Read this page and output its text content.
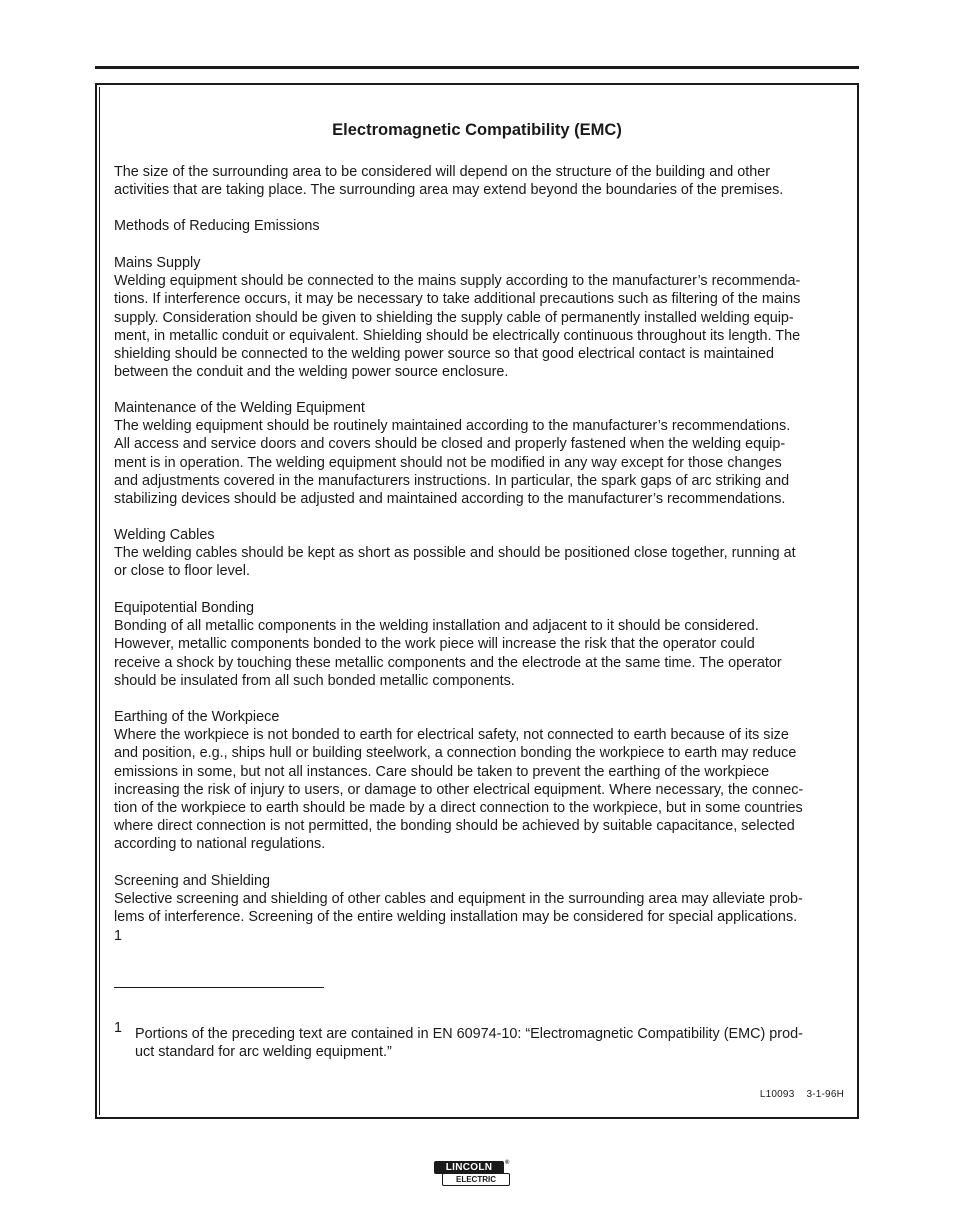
Electromagnetic Compatibility (EMC)

The size of the surrounding area to be considered will depend on the structure of the building and other

activities that are taking place. The surrounding area may extend beyond the boundaries of the premises.

Methods of Reducing Emissions

Mains Supply

Welding equipment should be connected to the mains supply according to the manufacturer’s recommenda-

tions. If interference occurs, it may be necessary to take additional precautions such as filtering of the mains

supply. Consideration should be given to shielding the supply cable of permanently installed welding equip-

ment, in metallic conduit or equivalent. Shielding should be electrically continuous throughout its length. The

shielding should be connected to the welding power source so that good electrical contact is maintained

between the conduit and the welding power source enclosure.

Maintenance of the Welding Equipment

The welding equipment should be routinely maintained according to the manufacturer’s recommendations.

All access and service doors and covers should be closed and properly fastened when the welding equip-

ment is in operation. The welding equipment should not be modified in any way except for those changes

and adjustments covered in the manufacturers instructions. In particular, the spark gaps of arc striking and

stabilizing devices should be adjusted and maintained according to the manufacturer’s recommendations.

Welding Cables

The welding cables should be kept as short as possible and should be positioned close together, running at

or close to floor level.

Equipotential Bonding

Bonding of all metallic components in the welding installation and adjacent to it should be considered.

However, metallic components bonded to the work piece will increase the risk that the operator could

receive a shock by touching these metallic components and the electrode at the same time. The operator

should be insulated from all such bonded metallic components.

Earthing of the Workpiece

Where the workpiece is not bonded to earth for electrical safety, not connected to earth because of its size

and position, e.g., ships hull or building steelwork, a connection bonding the workpiece to earth may reduce

emissions in some, but not all instances. Care should be taken to prevent the earthing of the workpiece

increasing the risk of injury to users, or damage to other electrical equipment. Where necessary, the connec-

tion of the workpiece to earth should be made by a direct connection to the workpiece, but in some countries

where direct connection is not permitted, the bonding should be achieved by suitable capacitance, selected

according to national regulations.

Screening and Shielding

Selective screening and shielding of other cables and equipment in the surrounding area may alleviate prob-

lems of interference. Screening of the entire welding installation may be considered for special applications.

1

1 Portions of the preceding text are contained in EN 60974-10: “Electromagnetic Compatibility (EMC) prod-
uct standard for arc welding equipment.”
L10093 3-1-96H
LINCOLN	®
ELECTRIC
